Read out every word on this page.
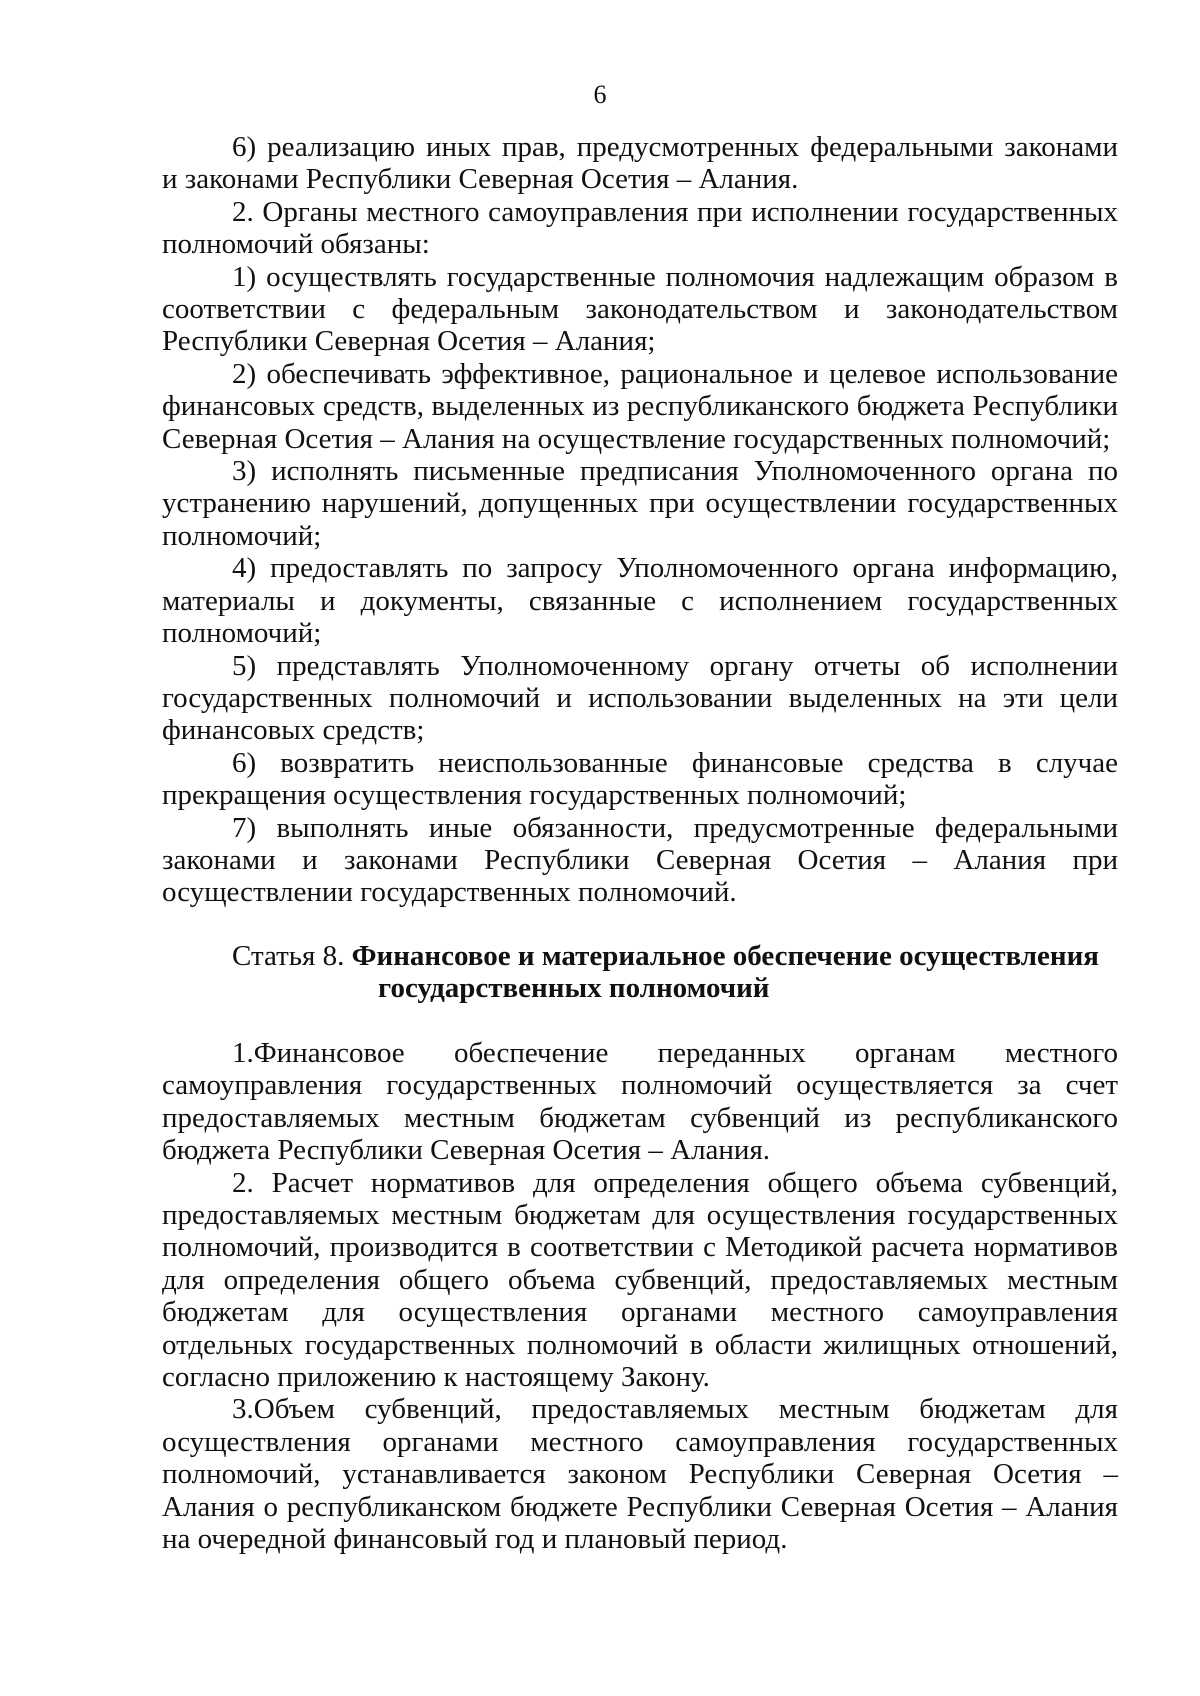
6

6) реализацию иных прав, предусмотренных федеральными законами и законами Республики Северная Осетия – Алания.

2. Органы местного самоуправления при исполнении государственных полномочий обязаны:

1) осуществлять государственные полномочия надлежащим образом в соответствии с федеральным законодательством и законодательством Республики Северная Осетия – Алания;

2) обеспечивать эффективное, рациональное и целевое использование финансовых средств, выделенных из республиканского бюджета Республики Северная Осетия – Алания на осуществление государственных полномочий;

3) исполнять письменные предписания Уполномоченного органа по устранению нарушений, допущенных при осуществлении государственных полномочий;

4) предоставлять по запросу Уполномоченного органа информацию, материалы и документы, связанные с исполнением государственных полномочий;

5) представлять Уполномоченному органу отчеты об исполнении государственных полномочий и использовании выделенных на эти цели финансовых средств;

6) возвратить неиспользованные финансовые средства в случае прекращения осуществления государственных полномочий;

7) выполнять иные обязанности, предусмотренные федеральными законами и законами Республики Северная Осетия – Алания при осуществлении государственных полномочий.

Статья 8. Финансовое и материальное обеспечение осуществления
государственных полномочий

1.Финансовое обеспечение переданных органам местного самоуправления государственных полномочий осуществляется за счет предоставляемых местным бюджетам субвенций из республиканского бюджета Республики Северная Осетия – Алания.

2. Расчет нормативов для определения общего объема субвенций, предоставляемых местным бюджетам для осуществления государственных полномочий, производится в соответствии с Методикой расчета нормативов для определения общего объема субвенций, предоставляемых местным бюджетам для осуществления органами местного самоуправления отдельных государственных полномочий в области жилищных отношений, согласно приложению к настоящему Закону.

3.Объем субвенций, предоставляемых местным бюджетам для осуществления органами местного самоуправления государственных полномочий, устанавливается законом Республики Северная Осетия – Алания о республиканском бюджете Республики Северная Осетия – Алания на очередной финансовый год и плановый период.
